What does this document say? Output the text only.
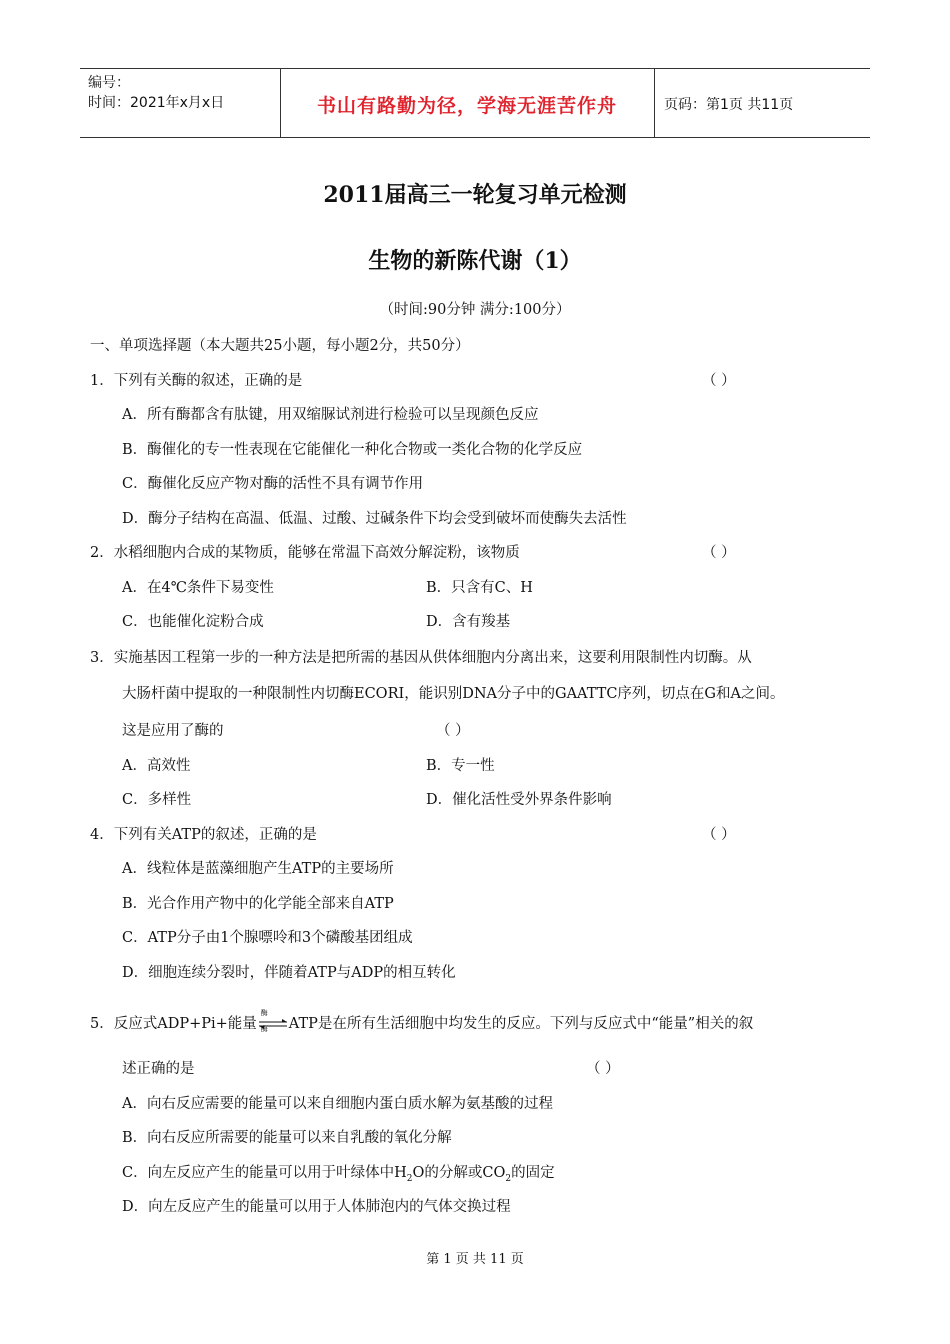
编号：
时间：2021年x月x日	书山有路勤为径，学海无涯苦作舟	页码：第1页 共11页
2011届高三一轮复习单元检测
生物的新陈代谢（1）
（时间:90分钟 满分:100分）
一、单项选择题（本大题共25小题，每小题2分，共50分）
1．下列有关酶的叙述，正确的是	（ ）
A．所有酶都含有肽键，用双缩脲试剂进行检验可以呈现颜色反应
B．酶催化的专一性表现在它能催化一种化合物或一类化合物的化学反应
C．酶催化反应产物对酶的活性不具有调节作用
D．酶分子结构在高温、低温、过酸、过碱条件下均会受到破坏而使酶失去活性
2．水稻细胞内合成的某物质，能够在常温下高效分解淀粉，该物质	（ ）
A．在4℃条件下易变性	B．只含有C、H
C．也能催化淀粉合成	D．含有羧基
3．实施基因工程第一步的一种方法是把所需的基因从供体细胞内分离出来，这要利用限制性内切酶。从
大肠杆菌中提取的一种限制性内切酶ECORI，能识别DNA分子中的GAATTC序列，切点在G和A之间。
这是应用了酶的	（ ）
A．高效性	B．专一性
C．多样性	D．催化活性受外界条件影响
4．下列有关ATP的叙述，正确的是	（ ）
A．线粒体是蓝藻细胞产生ATP的主要场所
B．光合作用产物中的化学能全部来自ATP
C．ATP分子由1个腺嘌呤和3个磷酸基团组成
D．细胞连续分裂时，伴随着ATP与ADP的相互转化
5．反应式ADP+Pi+能量
酶
酶 ATP是在所有生活细胞中均发生的反应。下列与反应式中“能量”相关的叙
述正确的是	（ ）
A．向右反应需要的能量可以来自细胞内蛋白质水解为氨基酸的过程
B．向右反应所需要的能量可以来自乳酸的氧化分解
C．向左反应产生的能量可以用于叶绿体中$H_2O$的分解或$CO_2$的固定
D．向左反应产生的能量可以用于人体肺泡内的气体交换过程
第 1 页 共 11 页
